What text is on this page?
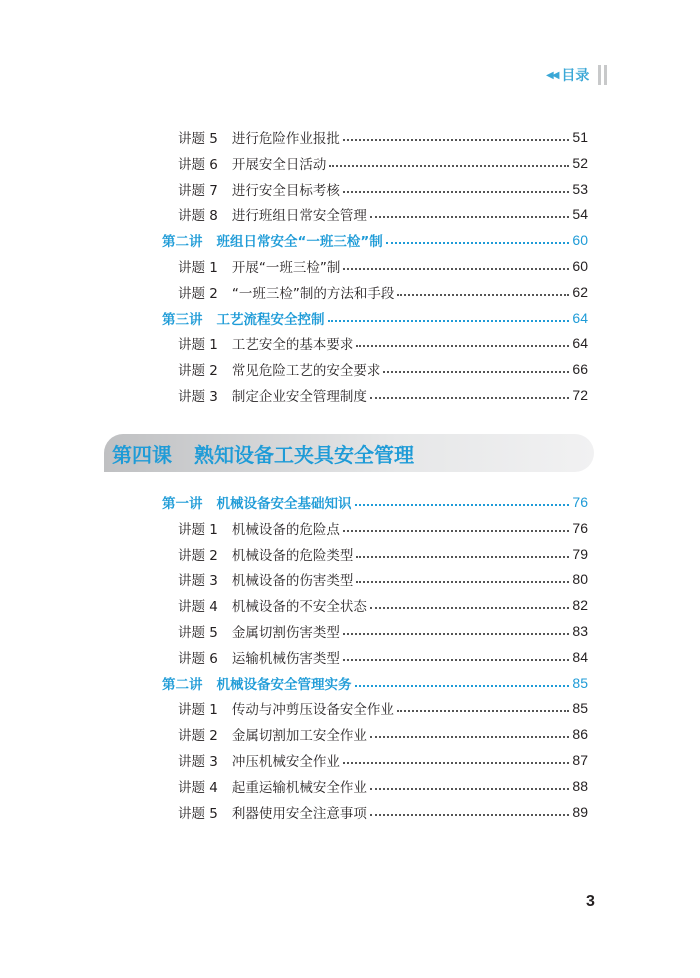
◀◀ 目录
讲题 5 进行危险作业报批	51
讲题 6 开展安全日活动	52
讲题 7 进行安全目标考核	53
讲题 8 进行班组日常安全管理	54
第二讲 班组日常安全“一班三检”制	60
讲题 1 开展“一班三检”制	60
讲题 2 “一班三检”制的方法和手段	62
第三讲 工艺流程安全控制	64
讲题 1 工艺安全的基本要求	64
讲题 2 常见危险工艺的安全要求	66
讲题 3 制定企业安全管理制度	72
第四课 熟知设备工夹具安全管理
第一讲 机械设备安全基础知识	76
讲题 1 机械设备的危险点	76
讲题 2 机械设备的危险类型	79
讲题 3 机械设备的伤害类型	80
讲题 4 机械设备的不安全状态	82
讲题 5 金属切割伤害类型	83
讲题 6 运输机械伤害类型	84
第二讲 机械设备安全管理实务	85
讲题 1 传动与冲剪压设备安全作业	85
讲题 2 金属切割加工安全作业	86
讲题 3 冲压机械安全作业	87
讲题 4 起重运输机械安全作业	88
讲题 5 利器使用安全注意事项	89
3
